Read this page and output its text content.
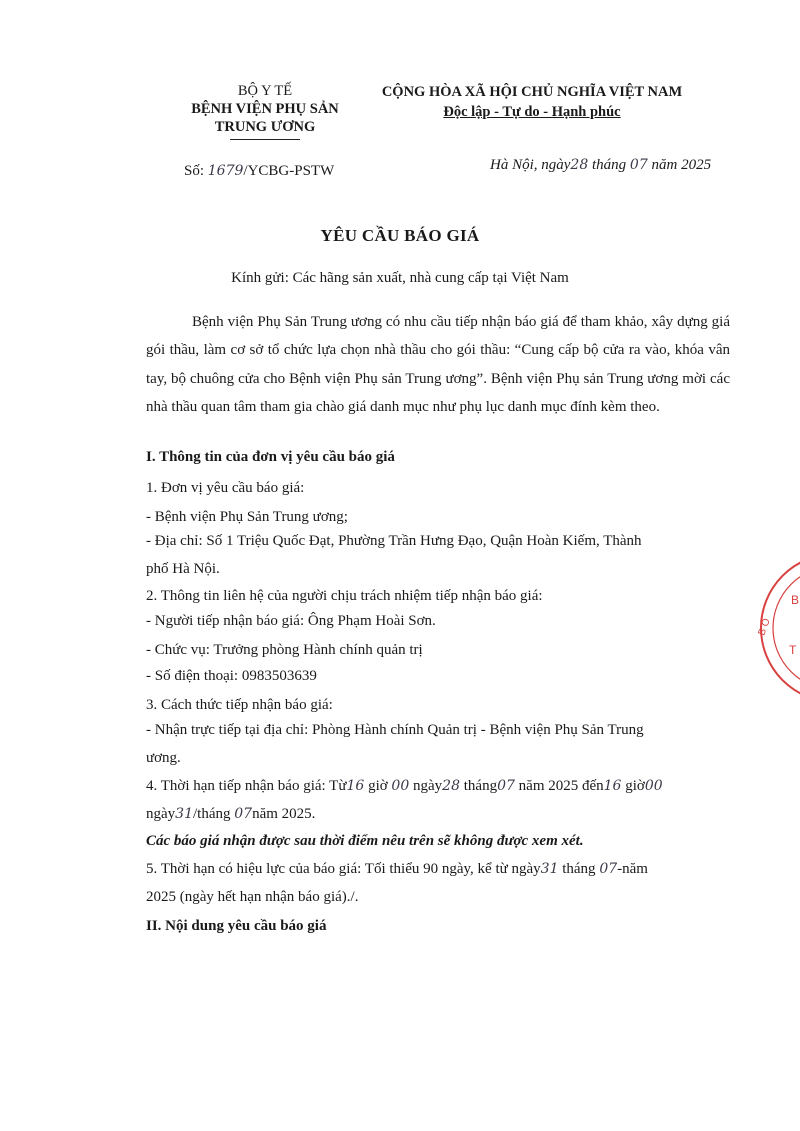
BỘ Y TẾ
BỆNH VIỆN PHỤ SẢN
TRUNG ƯƠNG
CỘNG HÒA XÃ HỘI CHỦ NGHĨA VIỆT NAM
Độc lập - Tự do - Hạnh phúc
Số: 1679/YCBG-PSTW	Hà Nội, ngày28 tháng 07 năm 2025
YÊU CẦU BÁO GIÁ
Kính gửi: Các hãng sản xuất, nhà cung cấp tại Việt Nam
Bệnh viện Phụ Sản Trung ương có nhu cầu tiếp nhận báo giá để tham khảo, xây dựng giá gói thầu, làm cơ sở tổ chức lựa chọn nhà thầu cho gói thầu: “Cung cấp bộ cửa ra vào, khóa vân tay, bộ chuông cửa cho Bệnh viện Phụ sản Trung ương”. Bệnh viện Phụ sản Trung ương mời các nhà thầu quan tâm tham gia chào giá danh mục như phụ lục danh mục đính kèm theo.
I. Thông tin của đơn vị yêu cầu báo giá
1. Đơn vị yêu cầu báo giá:
- Bệnh viện Phụ Sản Trung ương;
- Địa chỉ: Số 1 Triệu Quốc Đạt, Phường Trần Hưng Đạo, Quận Hoàn Kiếm, Thành
phố Hà Nội.
2. Thông tin liên hệ của người chịu trách nhiệm tiếp nhận báo giá:
- Người tiếp nhận báo giá: Ông Phạm Hoài Sơn.
- Chức vụ: Trưởng phòng Hành chính quản trị
- Số điện thoại: 0983503639
3. Cách thức tiếp nhận báo giá:
- Nhận trực tiếp tại địa chỉ: Phòng Hành chính Quản trị - Bệnh viện Phụ Sản Trung
ương.
4. Thời hạn tiếp nhận báo giá: Từ16 giờ 00 ngày28 tháng07 năm 2025 đến16 giờ00
ngày31/tháng 07năm 2025.
Các báo giá nhận được sau thời điểm nêu trên sẽ không được xem xét.
5. Thời hạn có hiệu lực của báo giá: Tối thiểu 90 ngày, kể từ ngày31 tháng 07-năm
2025 (ngày hết hạn nhận báo giá)./.
II. Nội dung yêu cầu báo giá
B Ô
B
T
